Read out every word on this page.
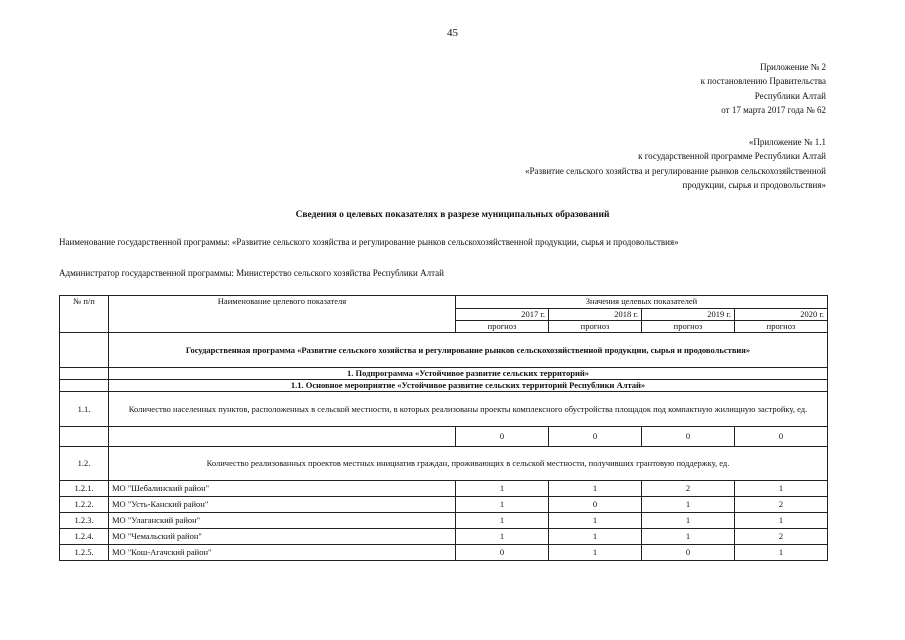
45
Приложение № 2
к постановлению Правительства
Республики Алтай
от 17 марта 2017 года № 62
«Приложение № 1.1
к государственной программе Республики Алтай
«Развитие сельского хозяйства и регулирование рынков сельскохозяйственной
продукции, сырья и продовольствия»
Сведения о целевых показателях в разрезе муниципальных образований
Наименование государственной программы: «Развитие сельского хозяйства и регулирование рынков сельскохозяйственной продукции, сырья и продовольствия»
Администратор государственной программы: Министерство сельского хозяйства Республики Алтай
№ п/п	Наименование целевого показателя	Значения целевых показателей			
		2017 г.	2018 г.	2019 г.	2020 г.
		прогноз	прогноз	прогноз	прогноз
	Государственная программа «Развитие сельского хозяйства и регулирование рынков сельскохозяйственной продукции, сырья и продовольствия»				
	1. Подпрограмма «Устойчивое развитие сельских территорий»				
	1.1. Основное мероприятие «Устойчивое развитие сельских территорий Республики Алтай»				
1.1.	Количество населенных пунктов, расположенных в сельской местности, в которых реализованы проекты комплексного обустройства площадок под компактную жилищную застройку, ед.				
		0	0	0	0
1.2.	Количество реализованных проектов местных инициатив граждан, проживающих в сельской местности, получивших грантовую поддержку, ед.				
1.2.1.	МО "Шебалинский район"	1	1	2	1
1.2.2.	МО "Усть-Канский район"	1	0	1	2
1.2.3.	МО "Улаганский район"	1	1	1	1
1.2.4.	МО "Чемальский район"	1	1	1	2
1.2.5.	МО "Кош-Агачский район"	0	1	0	1
